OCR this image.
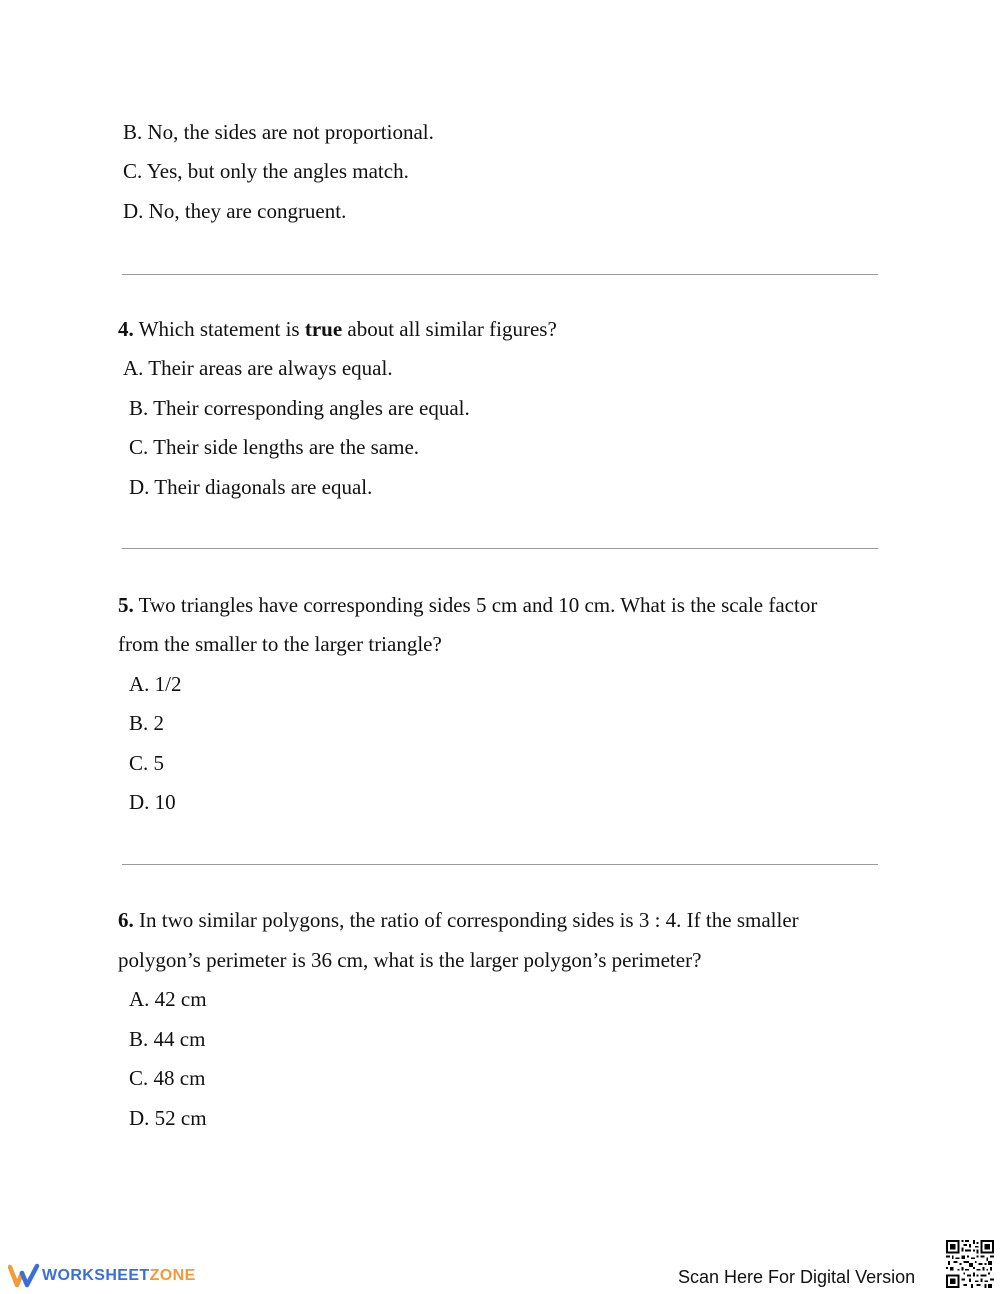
B. No, the sides are not proportional.
C. Yes, but only the angles match.
D. No, they are congruent.
4. Which statement is true about all similar figures?
A. Their areas are always equal.
B. Their corresponding angles are equal.
C. Their side lengths are the same.
D. Their diagonals are equal.
5. Two triangles have corresponding sides 5 cm and 10 cm. What is the scale factor
from the smaller to the larger triangle?
A. 1/2
B. 2
C. 5
D. 10
6. In two similar polygons, the ratio of corresponding sides is 3 : 4. If the smaller
polygon’s perimeter is 36 cm, what is the larger polygon’s perimeter?
A. 42 cm
B. 44 cm
C. 48 cm
D. 52 cm
WORKSHEETZONE	Scan Here For Digital Version
